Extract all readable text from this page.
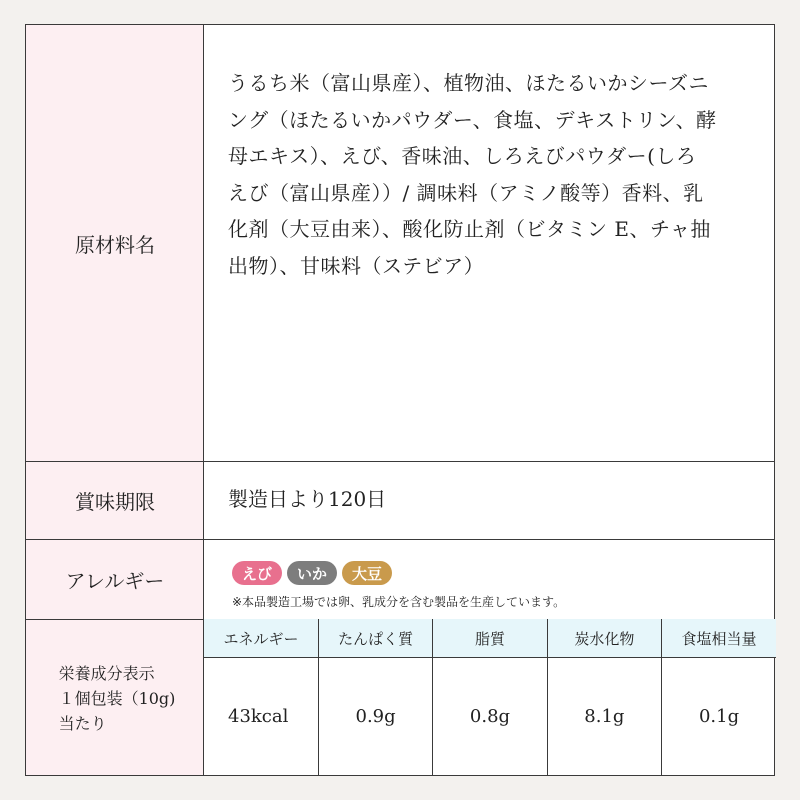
原材料名
うるち米（富山県産）、植物油、ほたるいかシーズニ
ング（ほたるいかパウダー、食塩、デキストリン、酵
母エキス）、えび、香味油、しろえびパウダー(しろ
えび（富山県産））/ 調味料（アミノ酸等）香料、乳
化剤（大豆由来）、酸化防止剤（ビタミン E、チャ抽
出物）、甘味料（ステビア）
賞味期限	製造日より120日
アレルギー	えび	いか	大豆
※本品製造工場では卵、乳成分を含む製品を生産しています。
栄養成分表示
１個包装（10g)
当たり
エネルギー	たんぱく質	脂質	炭水化物	食塩相当量
43kcal	0.9g	0.8g	8.1g	0.1g
